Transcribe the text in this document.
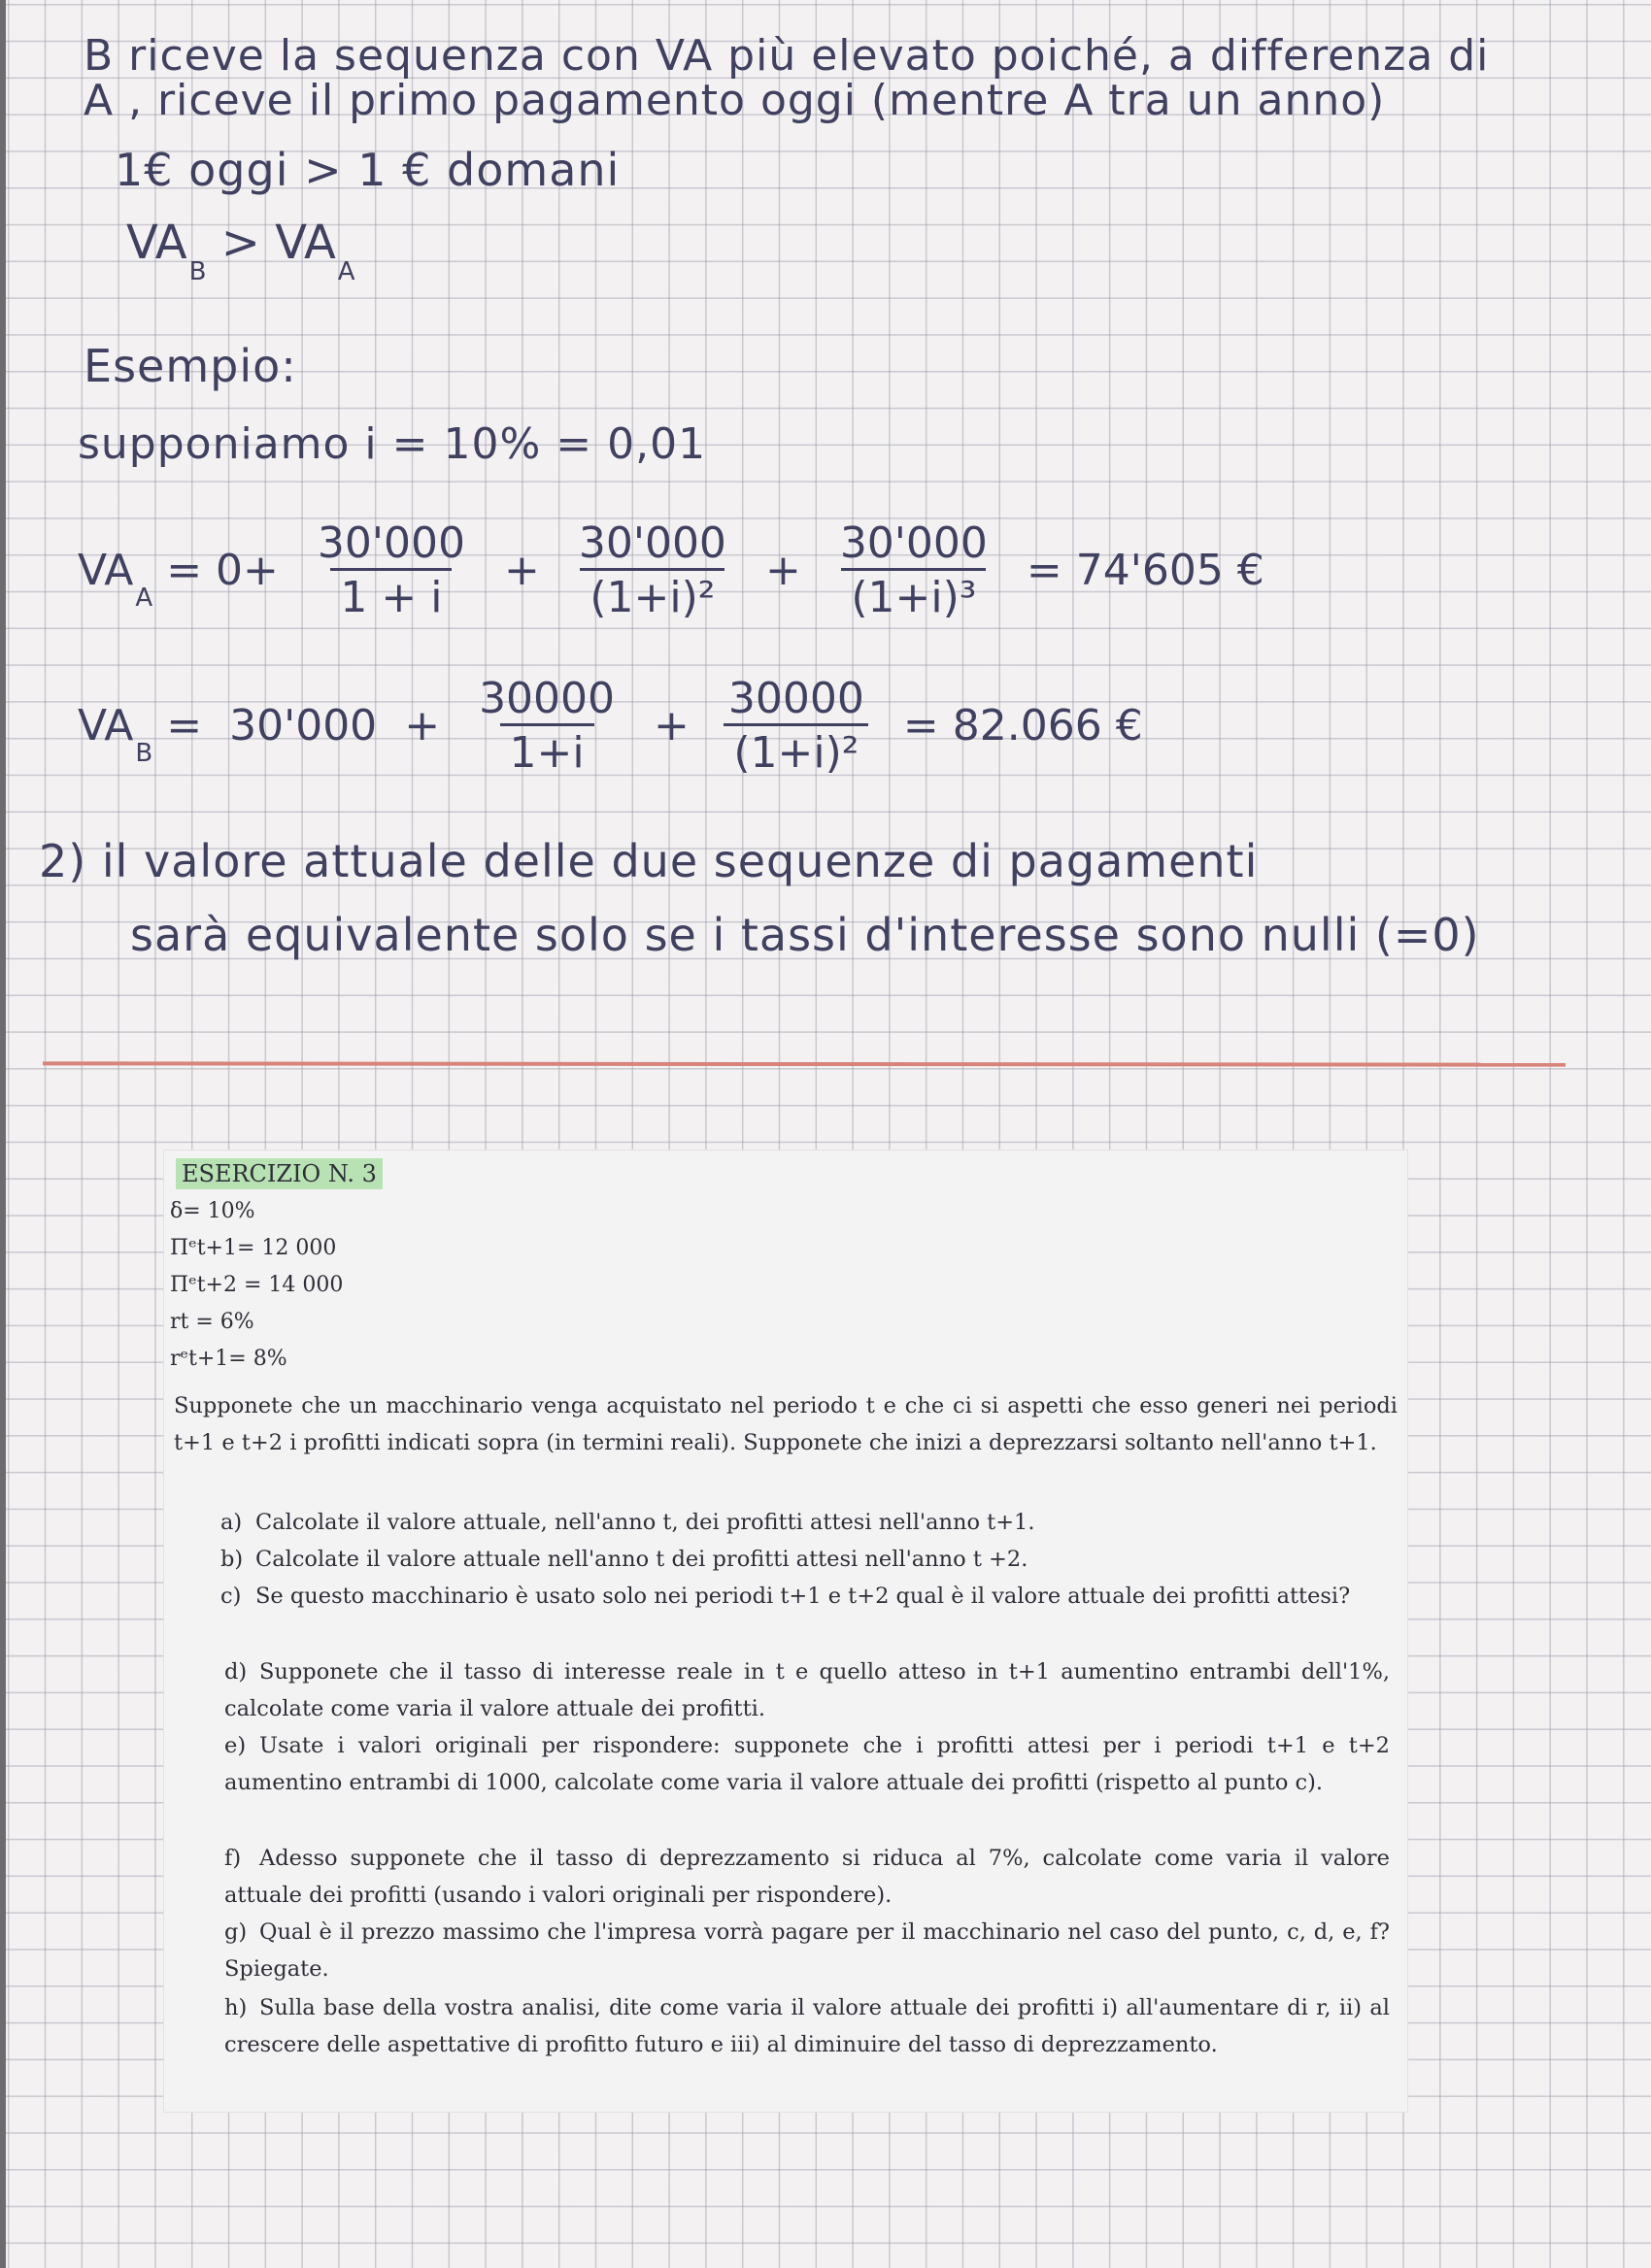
B riceve la sequenza con VA più elevato poiché, a differenza di
A , riceve il primo pagamento oggi (mentre A tra un anno)
1€ oggi > 1 € domani
$VA_B > VA_A$
Esempio:
supponiamo i = 10% = 0,01
$VA_A$
= $0+ \frac{30'000}{1 + i} + \frac{30'000}{\text{(1+i)²}} + \frac{30'000}{\text{(1+i)³}} = 74'605$ €
$VA_B$
= $30'000 + \frac{30000}{1+i} + \frac{30000}{\text{(1+i)²}} = 82.066$ €
2) il valore attuale delle due sequenze di pagamenti
sarà equivalente solo se i tassi d'interesse sono nulli (=0)
ESERCIZIO N. 3
δ= 10%
Πᵉt+1= 12 000
Πᵉt+2 = 14 000
rt = 6%
rᵉt+1= 8%
Supponete che un macchinario venga acquistato nel periodo t e che ci si aspetti che esso generi nei periodi t+1 e t+2 i profitti indicati sopra (in termini reali). Supponete che inizi a deprezzarsi soltanto nell'anno t+1.
a) Calcolate il valore attuale, nell'anno t, dei profitti attesi nell'anno t+1.
b) Calcolate il valore attuale nell'anno t dei profitti attesi nell'anno t +2.
c) Se questo macchinario è usato solo nei periodi t+1 e t+2 qual è il valore attuale dei profitti attesi?
d) Supponete che il tasso di interesse reale in t e quello atteso in t+1 aumentino entrambi dell'1%, calcolate come varia il valore attuale dei profitti.
e) Usate i valori originali per rispondere: supponete che i profitti attesi per i periodi t+1 e t+2 aumentino entrambi di 1000, calcolate come varia il valore attuale dei profitti (rispetto al punto c).
f) Adesso supponete che il tasso di deprezzamento si riduca al 7%, calcolate come varia il valore attuale dei profitti (usando i valori originali per rispondere).
g) Qual è il prezzo massimo che l'impresa vorrà pagare per il macchinario nel caso del punto, c, d, e, f? Spiegate.
h) Sulla base della vostra analisi, dite come varia il valore attuale dei profitti i) all'aumentare di r, ii) al crescere delle aspettative di profitto futuro e iii) al diminuire del tasso di deprezzamento.
